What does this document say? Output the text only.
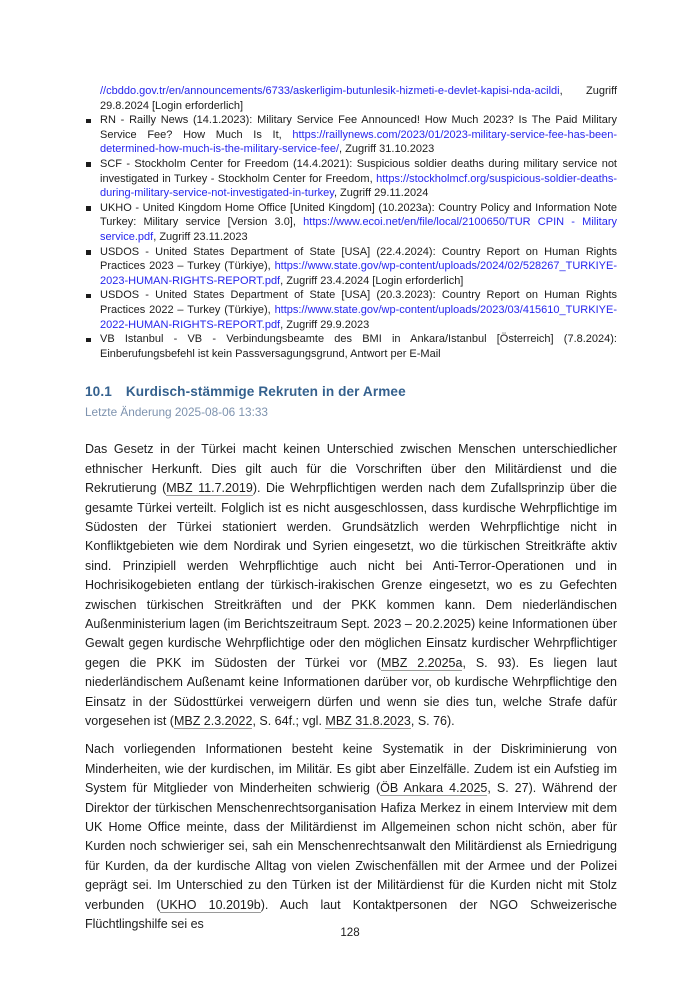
//cbddo.gov.tr/en/announcements/6733/askerligim-butunlesik-hizmeti-e-devlet-kapisi-nda-acildi, Zugriff 29.8.2024 [Login erforderlich]
RN - Railly News (14.1.2023): Military Service Fee Announced! How Much 2023? Is The Paid Military Service Fee? How Much Is It, https://raillynews.com/2023/01/2023-military-service-fee-has-been-determined-how-much-is-the-military-service-fee/, Zugriff 31.10.2023
SCF - Stockholm Center for Freedom (14.4.2021): Suspicious soldier deaths during military service not investigated in Turkey - Stockholm Center for Freedom, https://stockholmcf.org/suspicious-soldier-deaths-during-military-service-not-investigated-in-turkey, Zugriff 29.11.2024
UKHO - United Kingdom Home Office [United Kingdom] (10.2023a): Country Policy and Information Note Turkey: Military service [Version 3.0], https://www.ecoi.net/en/file/local/2100650/TUR CPIN - Military service.pdf, Zugriff 23.11.2023
USDOS - United States Department of State [USA] (22.4.2024): Country Report on Human Rights Practices 2023 – Turkey (Türkiye), https://www.state.gov/wp-content/uploads/2024/02/528267_TURKIYE-2023-HUMAN-RIGHTS-REPORT.pdf, Zugriff 23.4.2024 [Login erforderlich]
USDOS - United States Department of State [USA] (20.3.2023): Country Report on Human Rights Practices 2022 – Turkey (Türkiye), https://www.state.gov/wp-content/uploads/2023/03/415610_TURKIYE-2022-HUMAN-RIGHTS-REPORT.pdf, Zugriff 29.9.2023
VB Istanbul - VB - Verbindungsbeamte des BMI in Ankara/Istanbul [Österreich] (7.8.2024): Einberufungsbefehl ist kein Passversagungsgrund, Antwort per E-Mail
10.1 Kurdisch-stämmige Rekruten in der Armee
Letzte Änderung 2025-08-06 13:33
Das Gesetz in der Türkei macht keinen Unterschied zwischen Menschen unterschiedlicher ethnischer Herkunft. Dies gilt auch für die Vorschriften über den Militärdienst und die Rekrutierung (MBZ 11.7.2019). Die Wehrpflichtigen werden nach dem Zufallsprinzip über die gesamte Türkei verteilt. Folglich ist es nicht ausgeschlossen, dass kurdische Wehrpflichtige im Südosten der Türkei stationiert werden. Grundsätzlich werden Wehrpflichtige nicht in Konfliktgebieten wie dem Nordirak und Syrien eingesetzt, wo die türkischen Streitkräfte aktiv sind. Prinzipiell werden Wehrpflichtige auch nicht bei Anti-Terror-Operationen und in Hochrisikogebieten entlang der türkisch-irakischen Grenze eingesetzt, wo es zu Gefechten zwischen türkischen Streitkräften und der PKK kommen kann. Dem niederländischen Außenministerium lagen (im Berichtszeitraum Sept. 2023 – 20.2.2025) keine Informationen über Gewalt gegen kurdische Wehrpflichtige oder den möglichen Einsatz kurdischer Wehrpflichtiger gegen die PKK im Südosten der Türkei vor (MBZ 2.2025a, S. 93). Es liegen laut niederländischem Außenamt keine Informationen darüber vor, ob kurdische Wehrpflichtige den Einsatz in der Südosttürkei verweigern dürfen und wenn sie dies tun, welche Strafe dafür vorgesehen ist (MBZ 2.3.2022, S. 64f.; vgl. MBZ 31.8.2023, S. 76).
Nach vorliegenden Informationen besteht keine Systematik in der Diskriminierung von Minderheiten, wie der kurdischen, im Militär. Es gibt aber Einzelfälle. Zudem ist ein Aufstieg im System für Mitglieder von Minderheiten schwierig (ÖB Ankara 4.2025, S. 27). Während der Direktor der türkischen Menschenrechtsorganisation Hafiza Merkez in einem Interview mit dem UK Home Office meinte, dass der Militärdienst im Allgemeinen schon nicht schön, aber für Kurden noch schwieriger sei, sah ein Menschenrechtsanwalt den Militärdienst als Erniedrigung für Kurden, da der kurdische Alltag von vielen Zwischenfällen mit der Armee und der Polizei geprägt sei. Im Unterschied zu den Türken ist der Militärdienst für die Kurden nicht mit Stolz verbunden (UKHO 10.2019b). Auch laut Kontaktpersonen der NGO Schweizerische Flüchtlingshilfe sei es
128
